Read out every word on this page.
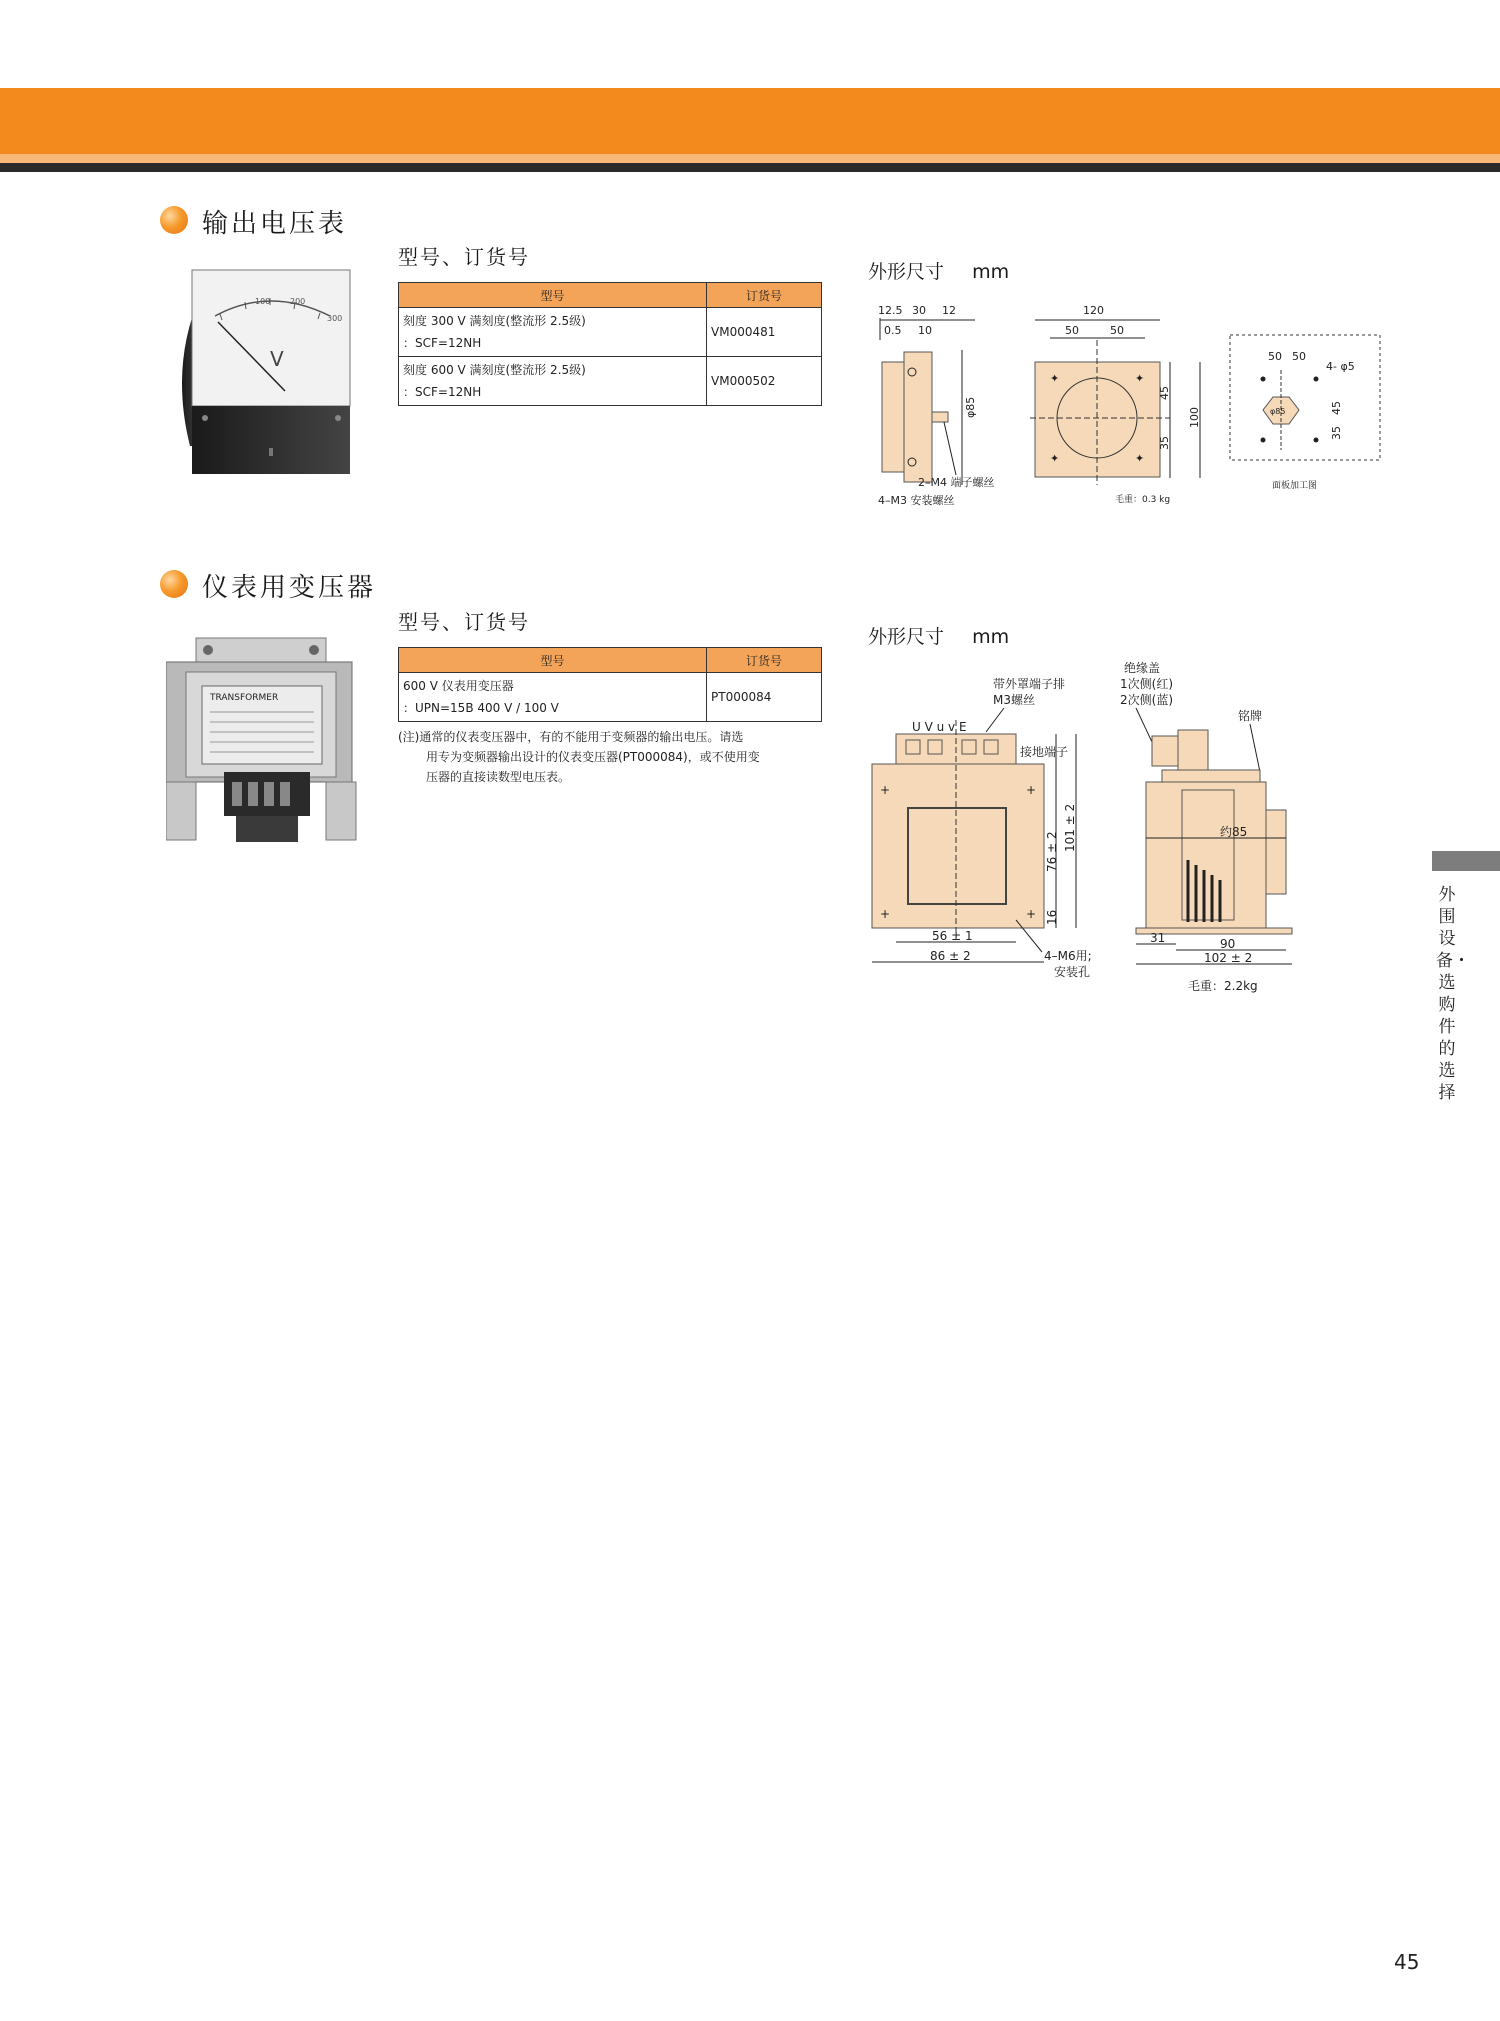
输出电压表
100 200
300
V
型号、订货号
型号	订货号

刻度 300 V 满刻度(整流形 2.5级)
：SCF=12NH	VM000481

刻度 600 V 满刻度(整流形 2.5级)
：SCF=12NH	VM000502
外形尺寸 mm
12.5 30 12
0.5 10
φ85
2–M4 端子螺丝
4–M3 安装螺丝
120
50	50
✦	✦
✦	✦
45
100
35
毛重：0.3 kg
50 50
4- φ5
45
35
φ85
面板加工图
仪表用变压器
TRANSFORMER
型号、订货号
型号	订货号

600 V 仪表用变压器
：UPN=15B 400 V / 100 V	PT000084
(注)通常的仪表变压器中，有的不能用于变频器的输出电压。请选
用专为变频器输出设计的仪表变压器(PT000084)，或不使用变
压器的直接读数型电压表。
外形尺寸 mm
带外罩端子排
M3螺丝
U V u v E
接地端子
+	+
+	+
101 ± 2
76 ± 2
16
56 ± 1
86 ± 2	4–M6用;
安装孔
绝缘盖
1次侧(红)
2次侧(蓝)
铭牌
约85
31	90
102 ± 2
毛重：2.2kg
外围设备・选购件的选择
45
